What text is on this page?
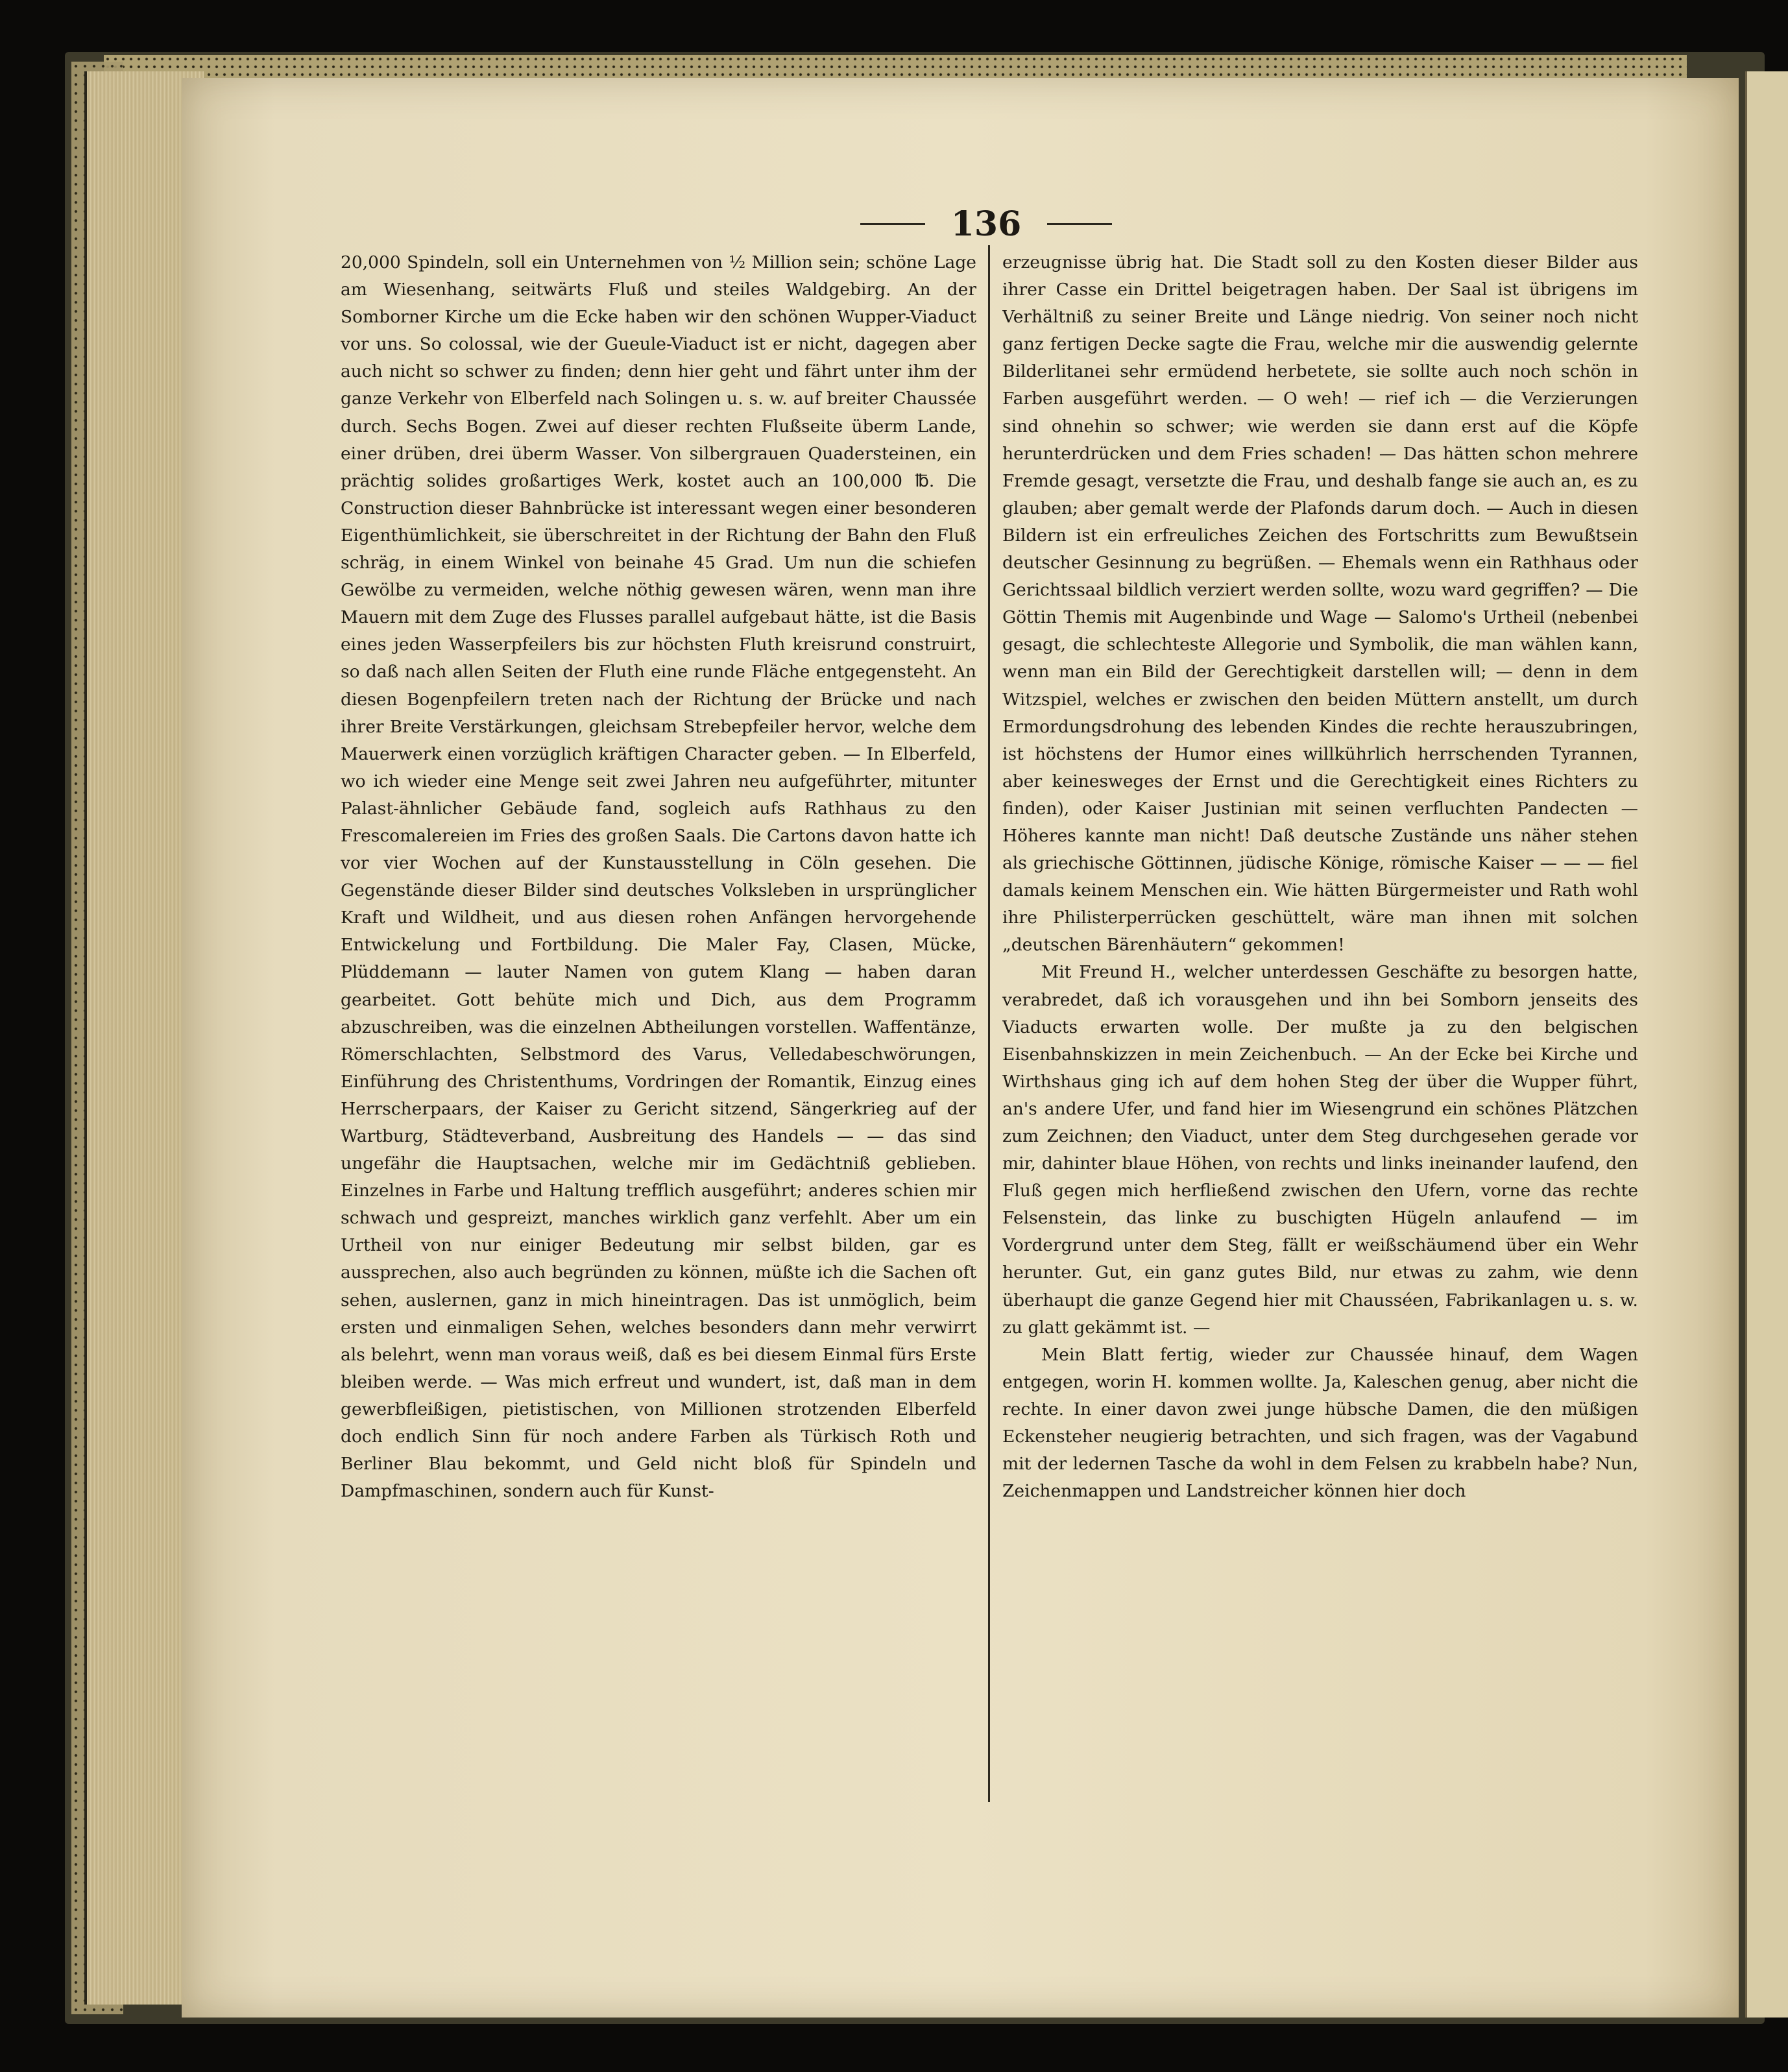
136

20,000 Spindeln, soll ein Unternehmen von ½ Million sein; schöne Lage am Wiesenhang, seitwärts Fluß und steiles Waldgebirg. An der Somborner Kirche um die Ecke haben wir den schönen Wupper-Viaduct vor uns. So colossal, wie der Gueule-Viaduct ist er nicht, dagegen aber auch nicht so schwer zu finden; denn hier geht und fährt unter ihm der ganze Verkehr von Elberfeld nach Solingen u. s. w. auf breiter Chaussée durch. Sechs Bogen. Zwei auf dieser rechten Flußseite überm Lande, einer drüben, drei überm Wasser. Von silbergrauen Quadersteinen, ein prächtig solides großartiges Werk, kostet auch an 100,000 ℔. Die Construction dieser Bahnbrücke ist interessant wegen einer besonderen Eigenthümlichkeit, sie überschreitet in der Richtung der Bahn den Fluß schräg, in einem Winkel von beinahe 45 Grad. Um nun die schiefen Gewölbe zu vermeiden, welche nöthig gewesen wären, wenn man ihre Mauern mit dem Zuge des Flusses parallel aufgebaut hätte, ist die Basis eines jeden Wasserpfeilers bis zur höchsten Fluth kreisrund construirt, so daß nach allen Seiten der Fluth eine runde Fläche entgegensteht. An diesen Bogenpfeilern treten nach der Richtung der Brücke und nach ihrer Breite Verstärkungen, gleichsam Strebepfeiler hervor, welche dem Mauerwerk einen vorzüglich kräftigen Character geben. — In Elberfeld, wo ich wieder eine Menge seit zwei Jahren neu aufgeführter, mitunter Palast-ähnlicher Gebäude fand, sogleich aufs Rathhaus zu den Frescomalereien im Fries des großen Saals. Die Cartons davon hatte ich vor vier Wochen auf der Kunstausstellung in Cöln gesehen. Die Gegenstände dieser Bilder sind deutsches Volksleben in ursprünglicher Kraft und Wildheit, und aus diesen rohen Anfängen hervorgehende Entwickelung und Fortbildung. Die Maler Fay, Clasen, Mücke, Plüddemann — lauter Namen von gutem Klang — haben daran gearbeitet. Gott behüte mich und Dich, aus dem Programm abzuschreiben, was die einzelnen Abtheilungen vorstellen. Waffentänze, Römerschlachten, Selbstmord des Varus, Velledabeschwörungen, Einführung des Christenthums, Vordringen der Romantik, Einzug eines Herrscherpaars, der Kaiser zu Gericht sitzend, Sängerkrieg auf der Wartburg, Städteverband, Ausbreitung des Handels — — das sind ungefähr die Hauptsachen, welche mir im Gedächtniß geblieben. Einzelnes in Farbe und Haltung trefflich ausgeführt; anderes schien mir schwach und gespreizt, manches wirklich ganz verfehlt. Aber um ein Urtheil von nur einiger Bedeutung mir selbst bilden, gar es aussprechen, also auch begründen zu können, müßte ich die Sachen oft sehen, auslernen, ganz in mich hineintragen. Das ist unmöglich, beim ersten und einmaligen Sehen, welches besonders dann mehr verwirrt als belehrt, wenn man voraus weiß, daß es bei diesem Einmal fürs Erste bleiben werde. — Was mich erfreut und wundert, ist, daß man in dem gewerbfleißigen, pietistischen, von Millionen strotzenden Elberfeld doch endlich Sinn für noch andere Farben als Türkisch Roth und Berliner Blau bekommt, und Geld nicht bloß für Spindeln und Dampfmaschinen, sondern auch für Kunst-

erzeugnisse übrig hat. Die Stadt soll zu den Kosten dieser Bilder aus ihrer Casse ein Drittel beigetragen haben. Der Saal ist übrigens im Verhältniß zu seiner Breite und Länge niedrig. Von seiner noch nicht ganz fertigen Decke sagte die Frau, welche mir die auswendig gelernte Bilderlitanei sehr ermüdend herbetete, sie sollte auch noch schön in Farben ausgeführt werden. — O weh! — rief ich — die Verzierungen sind ohnehin so schwer; wie werden sie dann erst auf die Köpfe herunterdrücken und dem Fries schaden! — Das hätten schon mehrere Fremde gesagt, versetzte die Frau, und deshalb fange sie auch an, es zu glauben; aber gemalt werde der Plafonds darum doch. — Auch in diesen Bildern ist ein erfreuliches Zeichen des Fortschritts zum Bewußtsein deutscher Gesinnung zu begrüßen. — Ehemals wenn ein Rathhaus oder Gerichtssaal bildlich verziert werden sollte, wozu ward gegriffen? — Die Göttin Themis mit Augenbinde und Wage — Salomo's Urtheil (nebenbei gesagt, die schlechteste Allegorie und Symbolik, die man wählen kann, wenn man ein Bild der Gerechtigkeit darstellen will; — denn in dem Witzspiel, welches er zwischen den beiden Müttern anstellt, um durch Ermordungsdrohung des lebenden Kindes die rechte herauszubringen, ist höchstens der Humor eines willkührlich herrschenden Tyrannen, aber keinesweges der Ernst und die Gerechtigkeit eines Richters zu finden), oder Kaiser Justinian mit seinen verfluchten Pandecten — Höheres kannte man nicht! Daß deutsche Zustände uns näher stehen als griechische Göttinnen, jüdische Könige, römische Kaiser — — — fiel damals keinem Menschen ein. Wie hätten Bürgermeister und Rath wohl ihre Philisterperrücken geschüttelt, wäre man ihnen mit solchen „deutschen Bärenhäutern“ gekommen!

Mit Freund H., welcher unterdessen Geschäfte zu besorgen hatte, verabredet, daß ich vorausgehen und ihn bei Somborn jenseits des Viaducts erwarten wolle. Der mußte ja zu den belgischen Eisenbahnskizzen in mein Zeichenbuch. — An der Ecke bei Kirche und Wirthshaus ging ich auf dem hohen Steg der über die Wupper führt, an's andere Ufer, und fand hier im Wiesengrund ein schönes Plätzchen zum Zeichnen; den Viaduct, unter dem Steg durchgesehen gerade vor mir, dahinter blaue Höhen, von rechts und links ineinander laufend, den Fluß gegen mich herfließend zwischen den Ufern, vorne das rechte Felsenstein, das linke zu buschigten Hügeln anlaufend — im Vordergrund unter dem Steg, fällt er weißschäumend über ein Wehr herunter. Gut, ein ganz gutes Bild, nur etwas zu zahm, wie denn überhaupt die ganze Gegend hier mit Chausséen, Fabrikanlagen u. s. w. zu glatt gekämmt ist. —

Mein Blatt fertig, wieder zur Chaussée hinauf, dem Wagen entgegen, worin H. kommen wollte. Ja, Kaleschen genug, aber nicht die rechte. In einer davon zwei junge hübsche Damen, die den müßigen Eckensteher neugierig betrachten, und sich fragen, was der Vagabund mit der ledernen Tasche da wohl in dem Felsen zu krabbeln habe? Nun, Zeichenmappen und Landstreicher können hier doch
